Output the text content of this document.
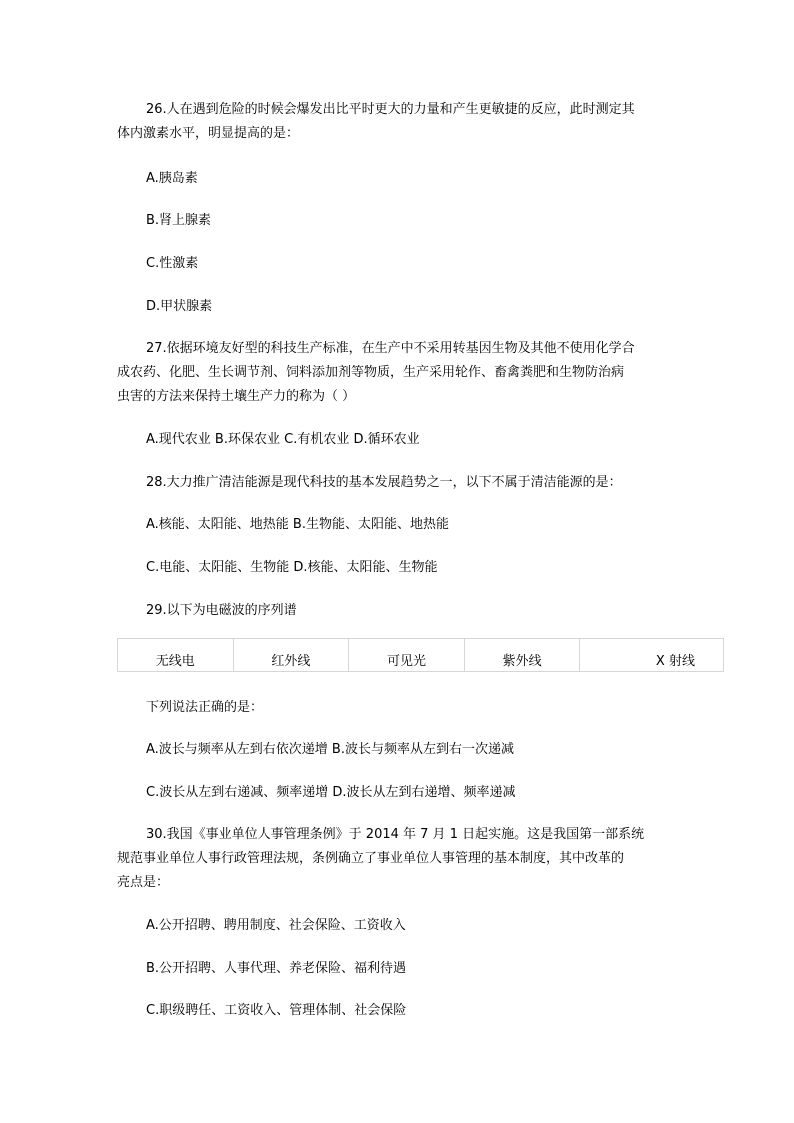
26.人在遇到危险的时候会爆发出比平时更大的力量和产生更敏捷的反应，此时测定其
体内激素水平，明显提高的是：
A.胰岛素
B.肾上腺素
C.性激素
D.甲状腺素
27.依据环境友好型的科技生产标准，在生产中不采用转基因生物及其他不使用化学合
成农药、化肥、生长调节剂、饲料添加剂等物质，生产采用轮作、畜禽粪肥和生物防治病
虫害的方法来保持土壤生产力的称为（ ）
A.现代农业 B.环保农业 C.有机农业 D.循环农业
28.大力推广清洁能源是现代科技的基本发展趋势之一，以下不属于清洁能源的是：
A.核能、太阳能、地热能 B.生物能、太阳能、地热能
C.电能、太阳能、生物能 D.核能、太阳能、生物能
29.以下为电磁波的序列谱
无线电	红外线	可见光	紫外线	X 射线
下列说法正确的是：
A.波长与频率从左到右依次递增 B.波长与频率从左到右一次递减
C.波长从左到右递减、频率递增 D.波长从左到右递增、频率递减
30.我国《事业单位人事管理条例》于 2014 年 7 月 1 日起实施。这是我国第一部系统
规范事业单位人事行政管理法规，条例确立了事业单位人事管理的基本制度，其中改革的
亮点是：
A.公开招聘、聘用制度、社会保险、工资收入
B.公开招聘、人事代理、养老保险、福利待遇
C.职级聘任、工资收入、管理体制、社会保险
